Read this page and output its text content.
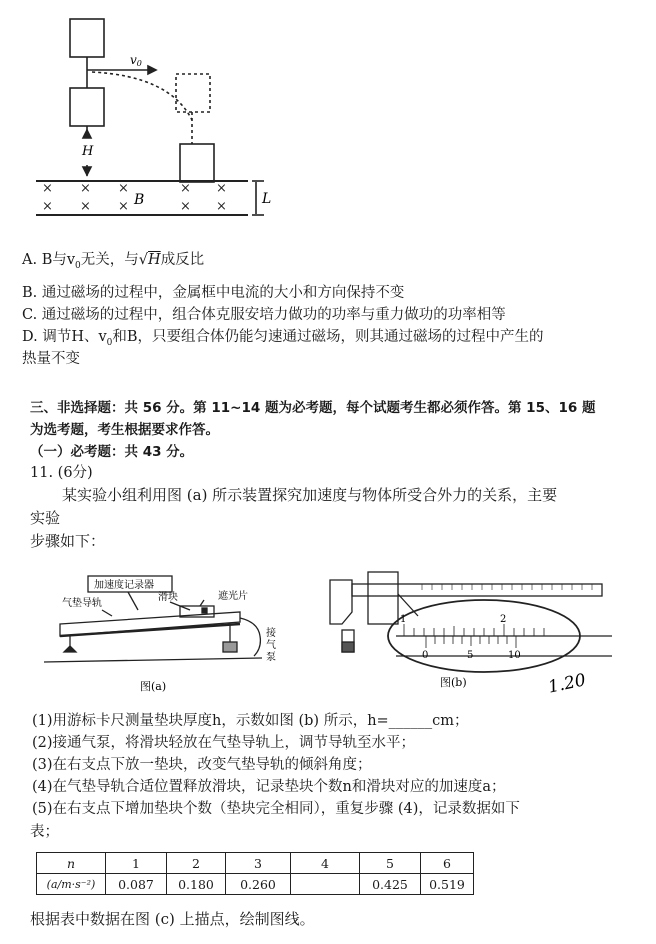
v0
H
B	L
× × ×	× ×
× × ×	× ×
A. B与$v_0$无关，与√H成反比
B. 通过磁场的过程中，金属框中电流的大小和方向保持不变
C. 通过磁场的过程中，组合体克服安培力做功的功率与重力做功的功率相等
D. 调节H、$v_0$和B，只要组合体仍能匀速通过磁场，则其通过磁场的过程中产生的
热量不变
三、非选择题：共 56 分。第 11~14 题为必考题，每个试题考生都必须作答。第 15、16 题
为选考题，考生根据要求作答。
（一）必考题：共 43 分。
11. (6分)
某实验小组利用图 (a) 所示装置探究加速度与物体所受合外力的关系，主要
实验
步骤如下：
加速度记录器
气垫导轨
滑块	遮光片
接
气
泵
图(a)
1	2
0	5	10
图(b)	1.20
(1)用游标卡尺测量垫块厚度h，示数如图 (b) 所示，h=______cm；
(2)接通气泵，将滑块轻放在气垫导轨上，调节导轨至水平；
(3)在右支点下放一垫块，改变气垫导轨的倾斜角度；
(4)在气垫导轨合适位置释放滑块，记录垫块个数n和滑块对应的加速度a；
(5)在右支点下增加垫块个数（垫块完全相同），重复步骤 (4)，记录数据如下
表；
n	1	2	3	4	5	6
(a/m·s⁻²)	0.087	0.180	0.260		0.425	0.519
根据表中数据在图 (c) 上描点，绘制图线。
